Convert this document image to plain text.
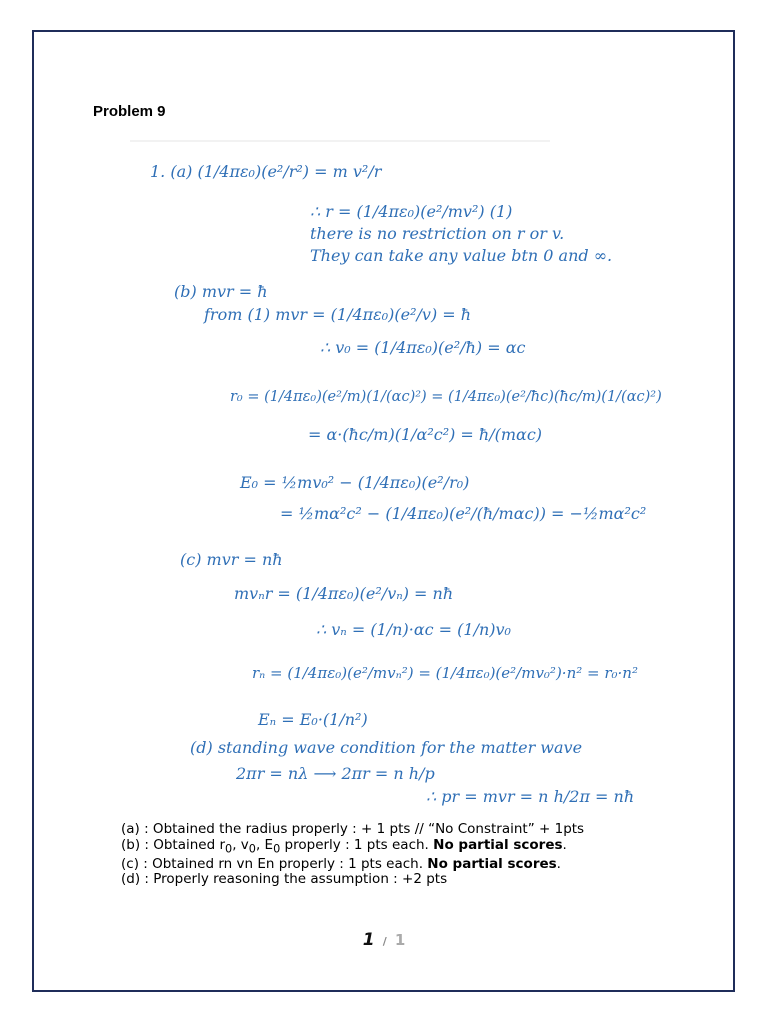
Problem 9
1. (a) (1/4πε₀)(e²/r²) = m v²/r
∴ r = (1/4πε₀)(e²/mv²) (1)
there is no restriction on r or v.
They can take any value btn 0 and ∞.
(b) mvr = ħ
from (1) mvr = (1/4πε₀)(e²/v) = ħ
∴ v₀ = (1/4πε₀)(e²/ħ) = αc
r₀ = (1/4πε₀)(e²/m)(1/(αc)²) = (1/4πε₀)(e²/ħc)(ħc/m)(1/(αc)²)
= α·(ħc/m)(1/α²c²) = ħ/(mαc)
E₀ = ½mv₀² − (1/4πε₀)(e²/r₀)
= ½mα²c² − (1/4πε₀)(e²/(ħ/mαc)) = −½mα²c²
(c) mvr = nħ
mvₙr = (1/4πε₀)(e²/vₙ) = nħ
∴ vₙ = (1/n)·αc = (1/n)v₀
rₙ = (1/4πε₀)(e²/mvₙ²) = (1/4πε₀)(e²/mv₀²)·n² = r₀·n²
Eₙ = E₀·(1/n²)
(d) standing wave condition for the matter wave
2πr = nλ ⟶ 2πr = n h/p
∴ pr = mvr = n h/2π = nħ
(a) : Obtained the radius properly : + 1 pts // “No Constraint” + 1pts
(b) : Obtained $r_0$, $v_0$, $E_0$ properly : 1 pts each. No partial scores.
(c) : Obtained rn vn En properly : 1 pts each. No partial scores.
(d) : Properly reasoning the assumption : +2 pts
1 / 1
